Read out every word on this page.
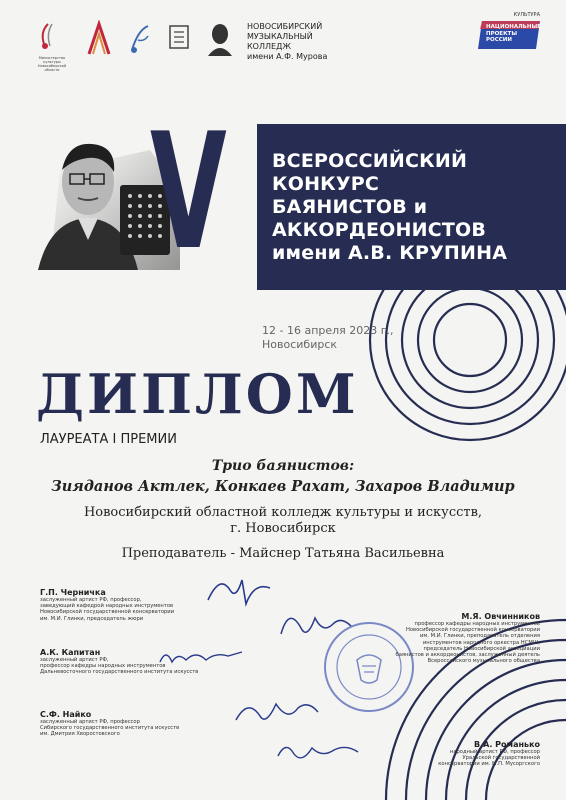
Министерство культуры Новосибирской области
НОВОСИБИРСКИЙ
МУЗЫКАЛЬНЫЙ
КОЛЛЕДЖ
имени А.Ф. Мурова
КУЛЬТУРА
НАЦИОНАЛЬНЫЕ
ПРОЕКТЫ
РОССИИ
V ВСЕРОССИЙСКИЙ
КОНКУРС
БАЯНИСТОВ и
АККОРДЕОНИСТОВ
имени А.В. КРУПИНА
12 - 16 апреля 2023 г.,
Новосибирск
ДИПЛОМ
ЛАУРЕАТА I ПРЕМИИ
Трио баянистов:
Зияданов Актлек, Конкаев Рахат, Захаров Владимир
Новосибирский областной колледж культуры и искусств,
г. Новосибирск
Преподаватель - Майснер Татьяна Васильевна
Г.П. Черничка
заслуженный артист РФ, профессор,
заведующий кафедрой народных инструментов
Новосибирской государственной консерватории
им. М.И. Глинки, председатель жюри
А.К. Капитан
заслуженный артист РФ,
профессор кафедры народных инструментов
Дальневосточного государственного института искусств
С.Ф. Найко
заслуженный артист РФ, профессор
Сибирского государственного института искусств
им. Дмитрия Хворостовского
М.Я. Овчинников
профессор кафедры народных инструментов
Новосибирской государственной консерватории
им. М.И. Глинки, преподаватель отделения
инструментов народного оркестра НСМШ,
председатель Новосибирской ассоциации
баянистов и аккордеонистов, заслуженный деятель
Всероссийского музыкального общества
В.А. Романько
народный артист РФ, профессор
Уральской государственной
консерватории им. М.П. Мусоргского
